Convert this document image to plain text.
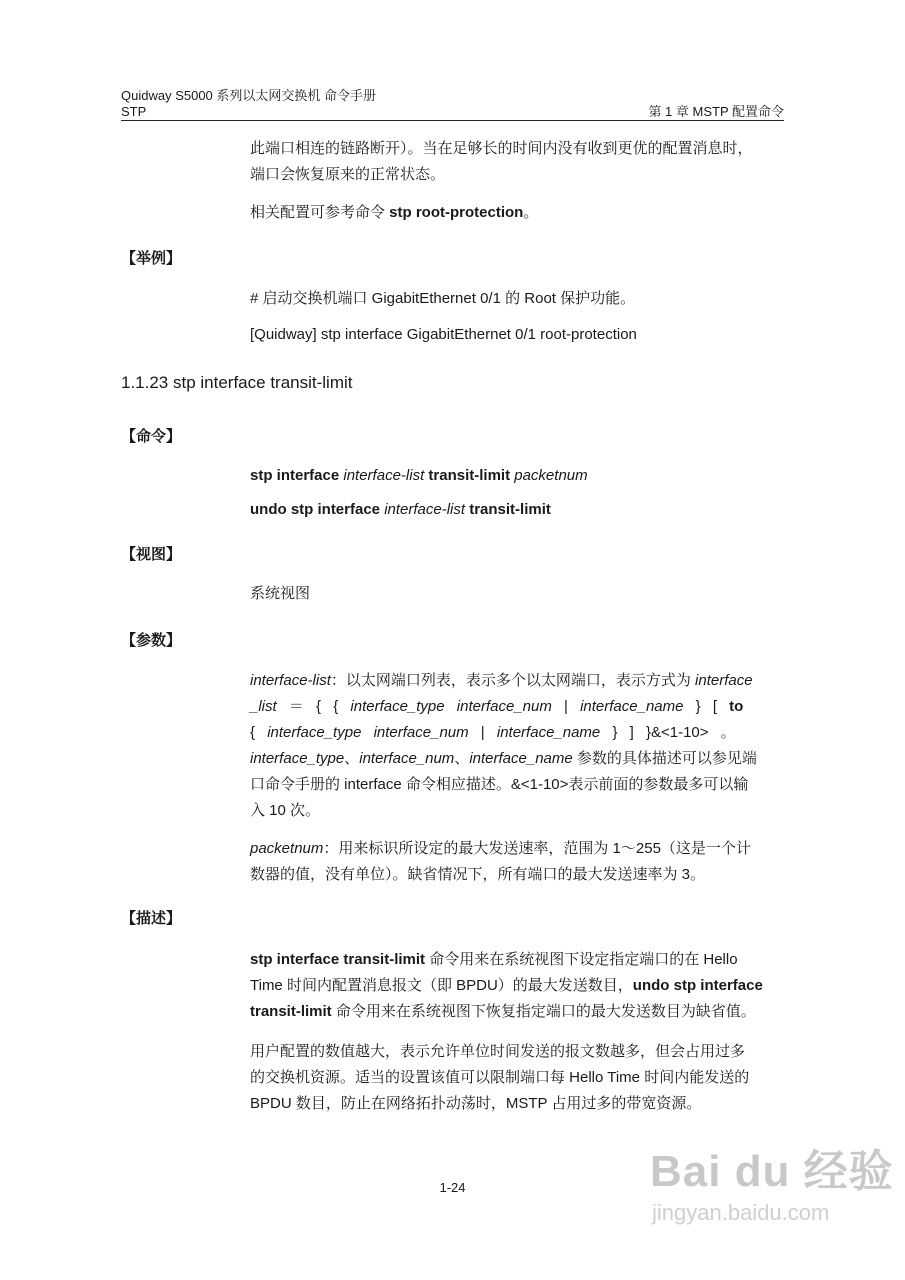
Quidway S5000 系列以太网交换机 命令手册
STP	第 1 章 MSTP 配置命令
此端口相连的链路断开）。当在足够长的时间内没有收到更优的配置消息时，
端口会恢复原来的正常状态。
相关配置可参考命令 stp root-protection。
【举例】
# 启动交换机端口 GigabitEthernet 0/1 的 Root 保护功能。
[Quidway] stp interface GigabitEthernet 0/1 root-protection
1.1.23 stp interface transit-limit
【命令】
stp interface interface-list transit-limit packetnum
undo stp interface interface-list transit-limit
【视图】
系统视图
【参数】
interface-list：以太网端口列表，表示多个以太网端口，表示方式为 interface
_list ＝ { { interface_type interface_num | interface_name } [ to
{ interface_type interface_num | interface_name } ] }&<1-10> 。
interface_type、interface_num、interface_name 参数的具体描述可以参见端
口命令手册的 interface 命令相应描述。&<1-10>表示前面的参数最多可以输
入 10 次。
packetnum：用来标识所设定的最大发送速率，范围为 1～255（这是一个计
数器的值，没有单位）。缺省情况下，所有端口的最大发送速率为 3。
【描述】
stp interface transit-limit 命令用来在系统视图下设定指定端口的在 Hello
Time 时间内配置消息报文（即 BPDU）的最大发送数目，undo stp interface
transit-limit 命令用来在系统视图下恢复指定端口的最大发送数目为缺省值。
用户配置的数值越大，表示允许单位时间发送的报文数越多，但会占用过多
的交换机资源。适当的设置该值可以限制端口每 Hello Time 时间内能发送的
BPDU 数目，防止在网络拓扑动荡时，MSTP 占用过多的带宽资源。
1-24	Bai du 经验
jingyan.baidu.com
